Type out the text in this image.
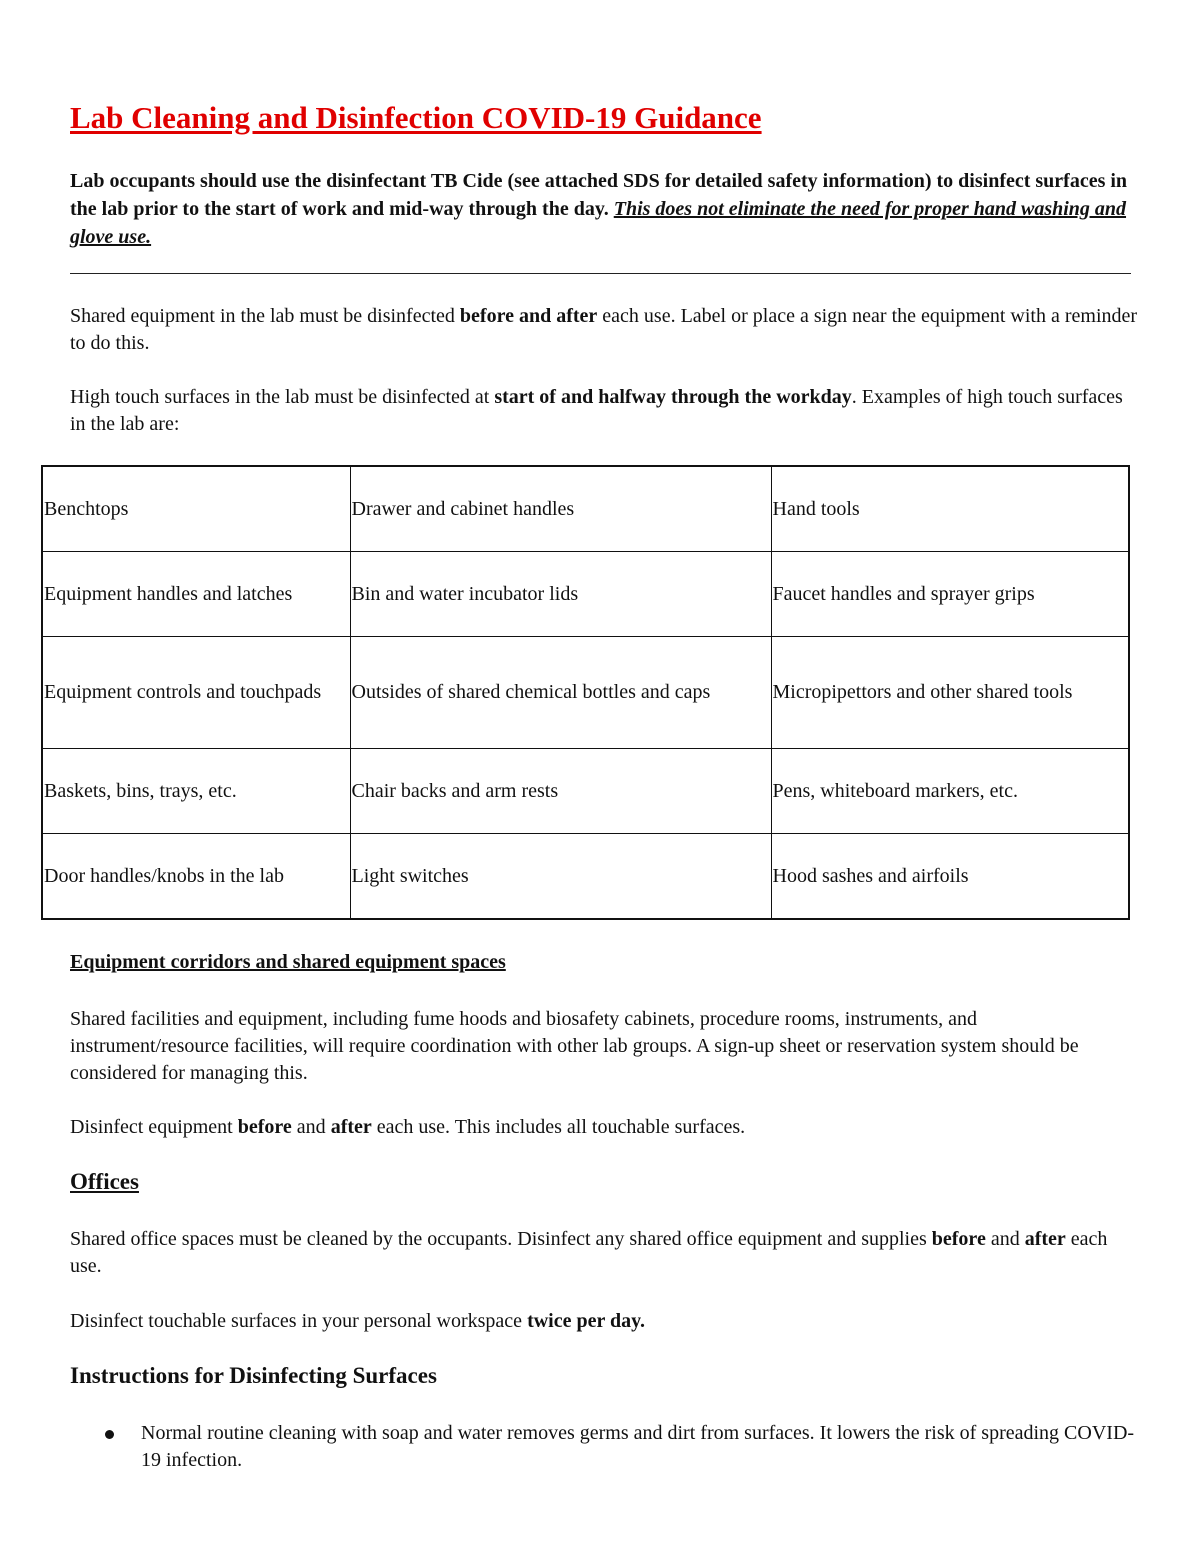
Lab Cleaning and Disinfection COVID-19 Guidance

Lab occupants should use the disinfectant TB Cide (see attached SDS for detailed safety information) to disinfect surfaces in the lab prior to the start of work and mid-way through the day. This does not eliminate the need for proper hand washing and glove use.

Shared equipment in the lab must be disinfected before and after each use. Label or place a sign near the equipment with a reminder to do this.

High touch surfaces in the lab must be disinfected at start of and halfway through the workday. Examples of high touch surfaces in the lab are:

Benchtops	Drawer and cabinet handles	Hand tools
Equipment handles and latches	Bin and water incubator lids	Faucet handles and sprayer grips
Equipment controls and touchpads	Outsides of shared chemical bottles and caps	Micropipettors and other shared tools
Baskets, bins, trays, etc.	Chair backs and arm rests	Pens, whiteboard markers, etc.
Door handles/knobs in the lab	Light switches	Hood sashes and airfoils
Equipment corridors and shared equipment spaces

Shared facilities and equipment, including fume hoods and biosafety cabinets, procedure rooms, instruments, and instrument/resource facilities, will require coordination with other lab groups. A sign-up sheet or reservation system should be considered for managing this.

Disinfect equipment before and after each use. This includes all touchable surfaces.

Offices

Shared office spaces must be cleaned by the occupants. Disinfect any shared office equipment and supplies before and after each use.

Disinfect touchable surfaces in your personal workspace twice per day.

Instructions for Disinfecting Surfaces
Normal routine cleaning with soap and water removes germs and dirt from surfaces. It lowers the risk of spreading COVID-19 infection.
